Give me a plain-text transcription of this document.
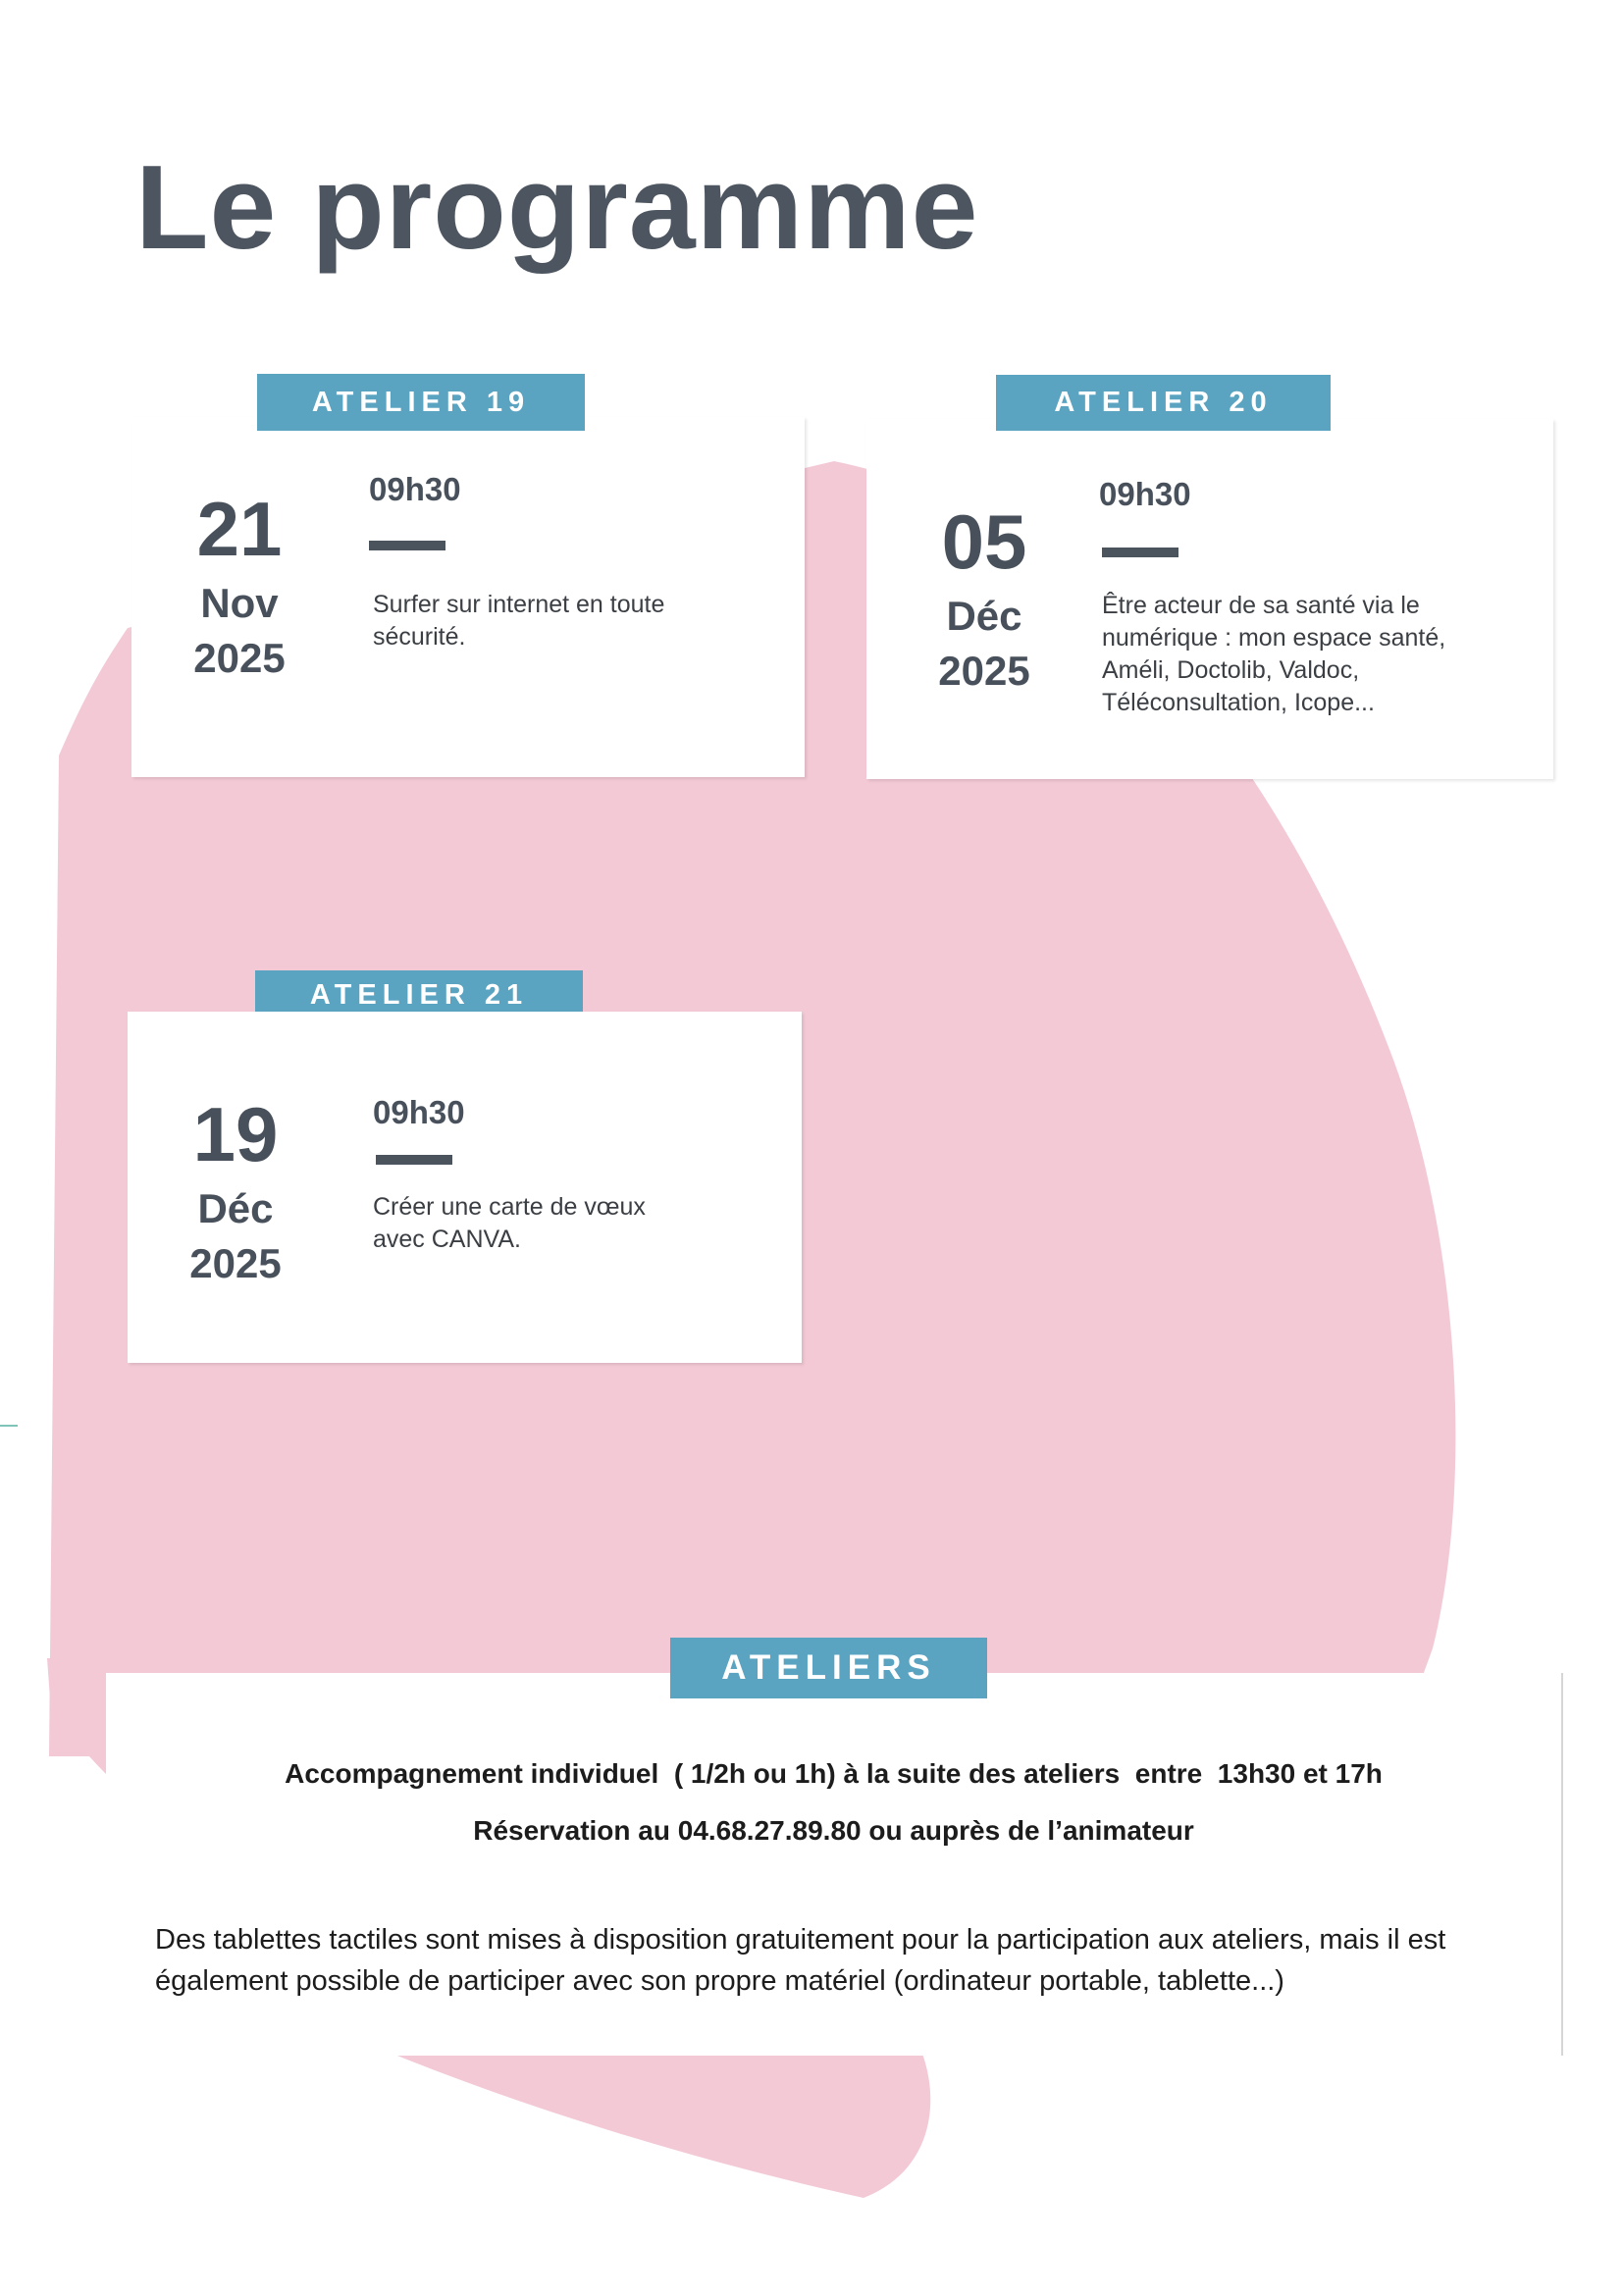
Le programme
ATELIER 19
21
Nov
2025
09h30
Surfer sur internet en toute sécurité.
ATELIER 20
05
Déc
2025
09h30
Être acteur de sa santé via le numérique : mon espace santé, Améli, Doctolib, Valdoc, Téléconsultation, Icope...
ATELIER 21
19
Déc
2025
09h30
Créer une carte de vœux avec CANVA.
ATELIERS
Accompagnement individuel  ( 1/2h ou 1h) à la suite des ateliers  entre  13h30 et 17h
Réservation au 04.68.27.89.80 ou auprès de l’animateur
Des tablettes tactiles sont mises à disposition gratuitement pour la participation aux ateliers, mais il est également possible de participer avec son propre matériel (ordinateur portable, tablette...)
